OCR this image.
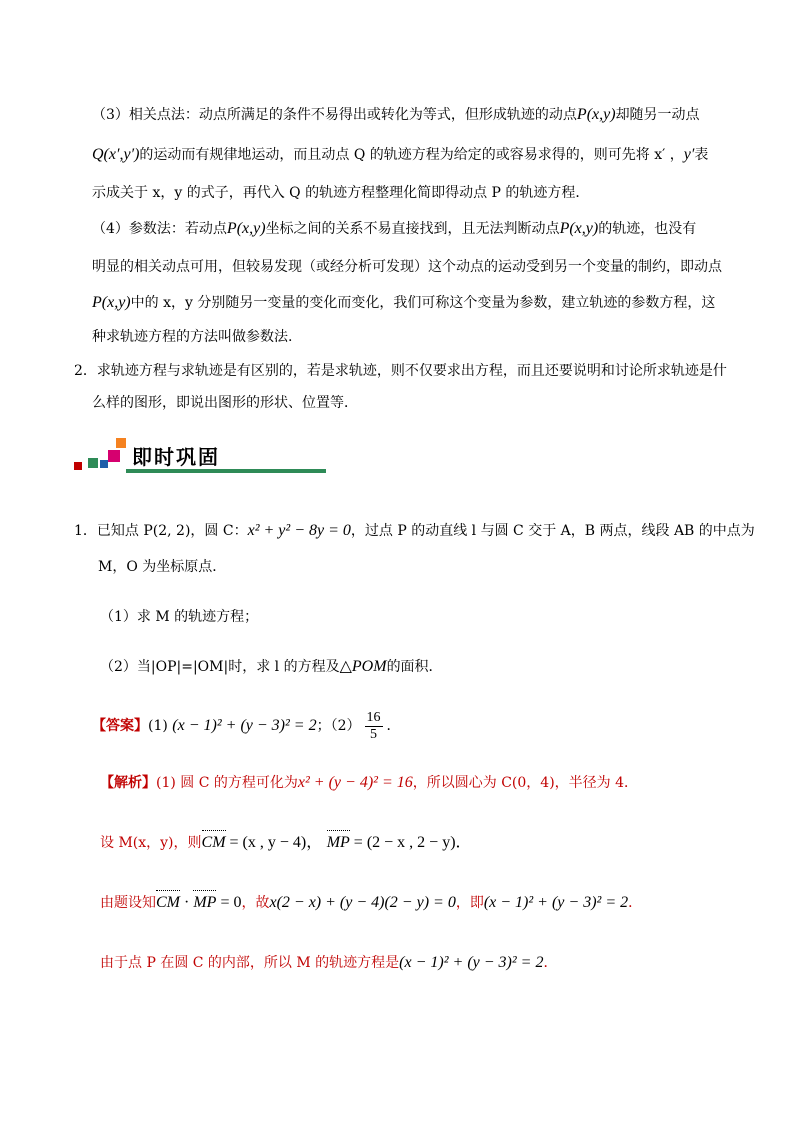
（3）相关点法：动点所满足的条件不易得出或转化为等式，但形成轨迹的动点P(x,y)却随另一动点
Q(x′,y′)的运动而有规律地运动，而且动点 Q 的轨迹方程为给定的或容易求得的，则可先将 x′ ，y′表
示成关于 x，y 的式子，再代入 Q 的轨迹方程整理化简即得动点 P 的轨迹方程．
（4）参数法：若动点P(x,y)坐标之间的关系不易直接找到，且无法判断动点P(x,y)的轨迹，也没有
明显的相关动点可用，但较易发现（或经分析可发现）这个动点的运动受到另一个变量的制约，即动点
P(x,y)中的 x，y 分别随另一变量的变化而变化，我们可称这个变量为参数，建立轨迹的参数方程，这
种求轨迹方程的方法叫做参数法.
2．求轨迹方程与求轨迹是有区别的，若是求轨迹，则不仅要求出方程，而且还要说明和讨论所求轨迹是什
么样的图形，即说出图形的形状、位置等．
即时巩固
1．已知点 P(2, 2)，圆 C：x² + y² − 8y = 0，过点 P 的动直线 l 与圆 C 交于 A，B 两点，线段 AB 的中点为
M，O 为坐标原点．
（1）求 M 的轨迹方程；
（2）当|OP|=|OM|时，求 l 的方程及△POM的面积．
【答案】(1) (x − 1)² + (y − 3)² = 2；$(2) \frac{16}{5}$ ．
【解析】(1) 圆 C 的方程可化为x² + (y − 4)² = 16，所以圆心为 C(0，4)，半径为 4．
设 M(x，y)，则CM = (x , y − 4)， MP = (2 − x , 2 − y)．
由题设知CM · MP = 0，故x(2 − x) + (y − 4)(2 − y) = 0，即(x − 1)² + (y − 3)² = 2．
由于点 P 在圆 C 的内部，所以 M 的轨迹方程是(x − 1)² + (y − 3)² = 2．
